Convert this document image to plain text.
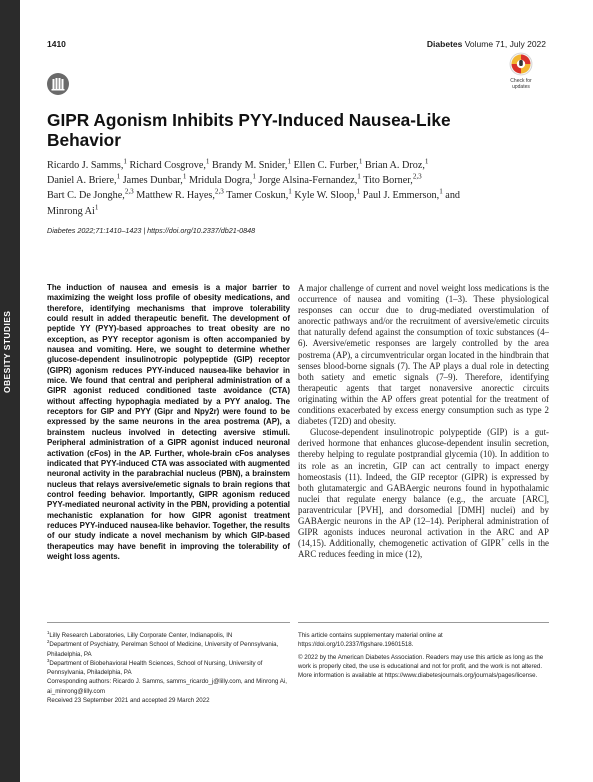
OBESITY STUDIES
1410	Diabetes Volume 71, July 2022
Check for
updates
GIPR Agonism Inhibits PYY-Induced Nausea-Like
Behavior
Ricardo J. Samms,$^1$ Richard Cosgrove,$^1$ Brandy M. Snider,$^1$ Ellen C. Furber,$^1$ Brian A. Droz,$^1$
Daniel A. Briere,$^1$ James Dunbar,$^1$ Mridula Dogra,$^1$ Jorge Alsina-Fernandez,$^1$ Tito Borner,$^{2,3}$
Bart C. De Jonghe,$^{2,3}$ Matthew R. Hayes,$^{2,3}$ Tamer Coskun,$^1$ Kyle W. Sloop,$^1$ Paul J. Emmerson,$^1$ and
Minrong Ai$^1$
Diabetes 2022;71:1410–1423 | https://doi.org/10.2337/db21-0848
The induction of nausea and emesis is a major barrier to maximizing the weight loss profile of obesity medications, and therefore, identifying mechanisms that improve tolerability could result in added therapeutic benefit. The development of peptide YY (PYY)-based approaches to treat obesity are no exception, as PYY receptor agonism is often accompanied by nausea and vomiting. Here, we sought to determine whether glucose-dependent insulinotropic polypeptide (GIP) receptor (GIPR) agonism reduces PYY-induced nausea-like behavior in mice. We found that central and peripheral administration of a GIPR agonist reduced conditioned taste avoidance (CTA) without affecting hypophagia mediated by a PYY analog. The receptors for GIP and PYY (Gipr and Npy2r) were found to be expressed by the same neurons in the area postrema (AP), a brainstem nucleus involved in detecting aversive stimuli. Peripheral administration of a GIPR agonist induced neuronal activation (cFos) in the AP. Further, whole-brain cFos analyses indicated that PYY-induced CTA was associated with augmented neuronal activity in the parabrachial nucleus (PBN), a brainstem nucleus that relays aversive/emetic signals to brain regions that control feeding behavior. Importantly, GIPR agonism reduced PYY-mediated neuronal activity in the PBN, providing a potential mechanistic explanation for how GIPR agonist treatment reduces PYY-induced nausea-like behavior. Together, the results of our study indicate a novel mechanism by which GIP-based therapeutics may have benefit in improving the tolerability of weight loss agents.

A major challenge of current and novel weight loss medications is the occurrence of nausea and vomiting (1–3). These physiological responses can occur due to drug-mediated overstimulation of anorectic pathways and/or the recruitment of aversive/emetic circuits that naturally defend against the consumption of toxic substances (4–6). Aversive/emetic responses are largely controlled by the area postrema (AP), a circumventricular organ located in the hindbrain that senses blood-borne signals (7). The AP plays a dual role in detecting both satiety and emetic signals (7–9). Therefore, identifying therapeutic agents that target nonaversive anorectic circuits originating within the AP offers great potential for the treatment of conditions exacerbated by excess energy consumption such as type 2 diabetes (T2D) and obesity.

Glucose-dependent insulinotropic polypeptide (GIP) is a gut-derived hormone that enhances glucose-dependent insulin secretion, thereby helping to regulate postprandial glycemia (10). In addition to its role as an incretin, GIP can act centrally to impact energy homeostasis (11). Indeed, the GIP receptor (GIPR) is expressed by both glutamatergic and GABAergic neurons found in hypothalamic nuclei that regulate energy balance (e.g., the arcuate [ARC], paraventricular [PVH], and dorsomedial [DMH] nuclei) and by GABAergic neurons in the AP (12–14). Peripheral administration of GIPR agonists induces neuronal activation in the ARC and AP (14,15). Additionally, chemogenetic activation of GIPR+ cells in the ARC reduces feeding in mice (12),

$^1$Lilly Research Laboratories, Lilly Corporate Center, Indianapolis, IN

$^2$Department of Psychiatry, Perelman School of Medicine, University of Pennsylvania, Philadelphia, PA

$^3$Department of Biobehavioral Health Sciences, School of Nursing, University of Pennsylvania, Philadelphia, PA

Corresponding authors: Ricardo J. Samms, samms_ricardo_j@lilly.com, and Minrong Ai, ai_minrong@lilly.com

Received 23 September 2021 and accepted 29 March 2022

This article contains supplementary material online at https://doi.org/10.2337/figshare.19601518.

© 2022 by the American Diabetes Association. Readers may use this article as long as the work is properly cited, the use is educational and not for profit, and the work is not altered. More information is available at https://www.diabetesjournals.org/journals/pages/license.
